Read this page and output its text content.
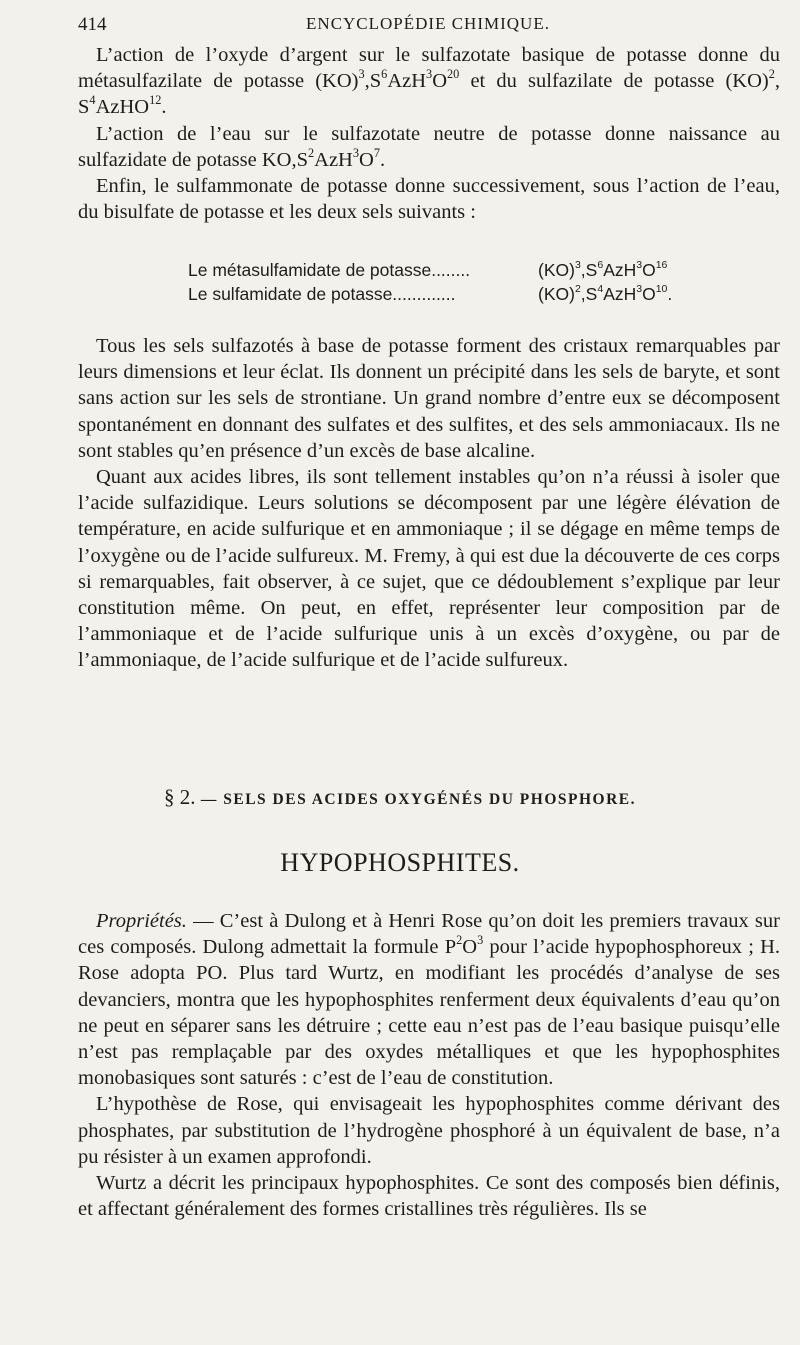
414	ENCYCLOPÉDIE CHIMIQUE.

L’action de l’oxyde d’argent sur le sulfazotate basique de potasse donne du métasulfazilate de potasse $(KO)^3,S^6AzH^3O^{20}$ et du sulfazilate de potasse (KO)$^2$, $S^4AzHO^{12}$.

L’action de l’eau sur le sulfazotate neutre de potasse donne naissance au sulfazidate de potasse $KO,S^2AzH^3O^7$.

Enfin, le sulfammonate de potasse donne successivement, sous l’action de l’eau, du bisulfate de potasse et les deux sels suivants :

Le métasulfamidate de potasse........	$(KO)^3,S^6AzH^3O^{16}$
Le sulfamidate de potasse.............	$(KO)^2,S^4AzH^3O^{10}$.

Tous les sels sulfazotés à base de potasse forment des cristaux remarquables par leurs dimensions et leur éclat. Ils donnent un précipité dans les sels de baryte, et sont sans action sur les sels de strontiane. Un grand nombre d’entre eux se décomposent spontanément en donnant des sulfates et des sulfites, et des sels ammoniacaux. Ils ne sont stables qu’en présence d’un excès de base alcaline.

Quant aux acides libres, ils sont tellement instables qu’on n’a réussi à isoler que l’acide sulfazidique. Leurs solutions se décomposent par une légère élévation de température, en acide sulfurique et en ammoniaque ; il se dégage en même temps de l’oxygène ou de l’acide sulfureux. M. Fremy, à qui est due la découverte de ces corps si remarquables, fait observer, à ce sujet, que ce dédoublement s’explique par leur constitution même. On peut, en effet, représenter leur composition par de l’ammoniaque et de l’acide sulfurique unis à un excès d’oxygène, ou par de l’ammoniaque, de l’acide sulfurique et de l’acide sulfureux.

§ 2. — SELS DES ACIDES OXYGÉNÉS DU PHOSPHORE.
HYPOPHOSPHITES.

Propriétés. — C’est à Dulong et à Henri Rose qu’on doit les premiers travaux sur ces composés. Dulong admettait la formule $P^2O^3$ pour l’acide hypophosphoreux ; H. Rose adopta PO. Plus tard Wurtz, en modifiant les procédés d’analyse de ses devanciers, montra que les hypophosphites renferment deux équivalents d’eau qu’on ne peut en séparer sans les détruire ; cette eau n’est pas de l’eau basique puisqu’elle n’est pas remplaçable par des oxydes métalliques et que les hypophosphites monobasiques sont saturés : c’est de l’eau de constitution.

L’hypothèse de Rose, qui envisageait les hypophosphites comme dérivant des phosphates, par substitution de l’hydrogène phosphoré à un équivalent de base, n’a pu résister à un examen approfondi.

Wurtz a décrit les principaux hypophosphites. Ce sont des composés bien définis, et affectant généralement des formes cristallines très régulières. Ils se
